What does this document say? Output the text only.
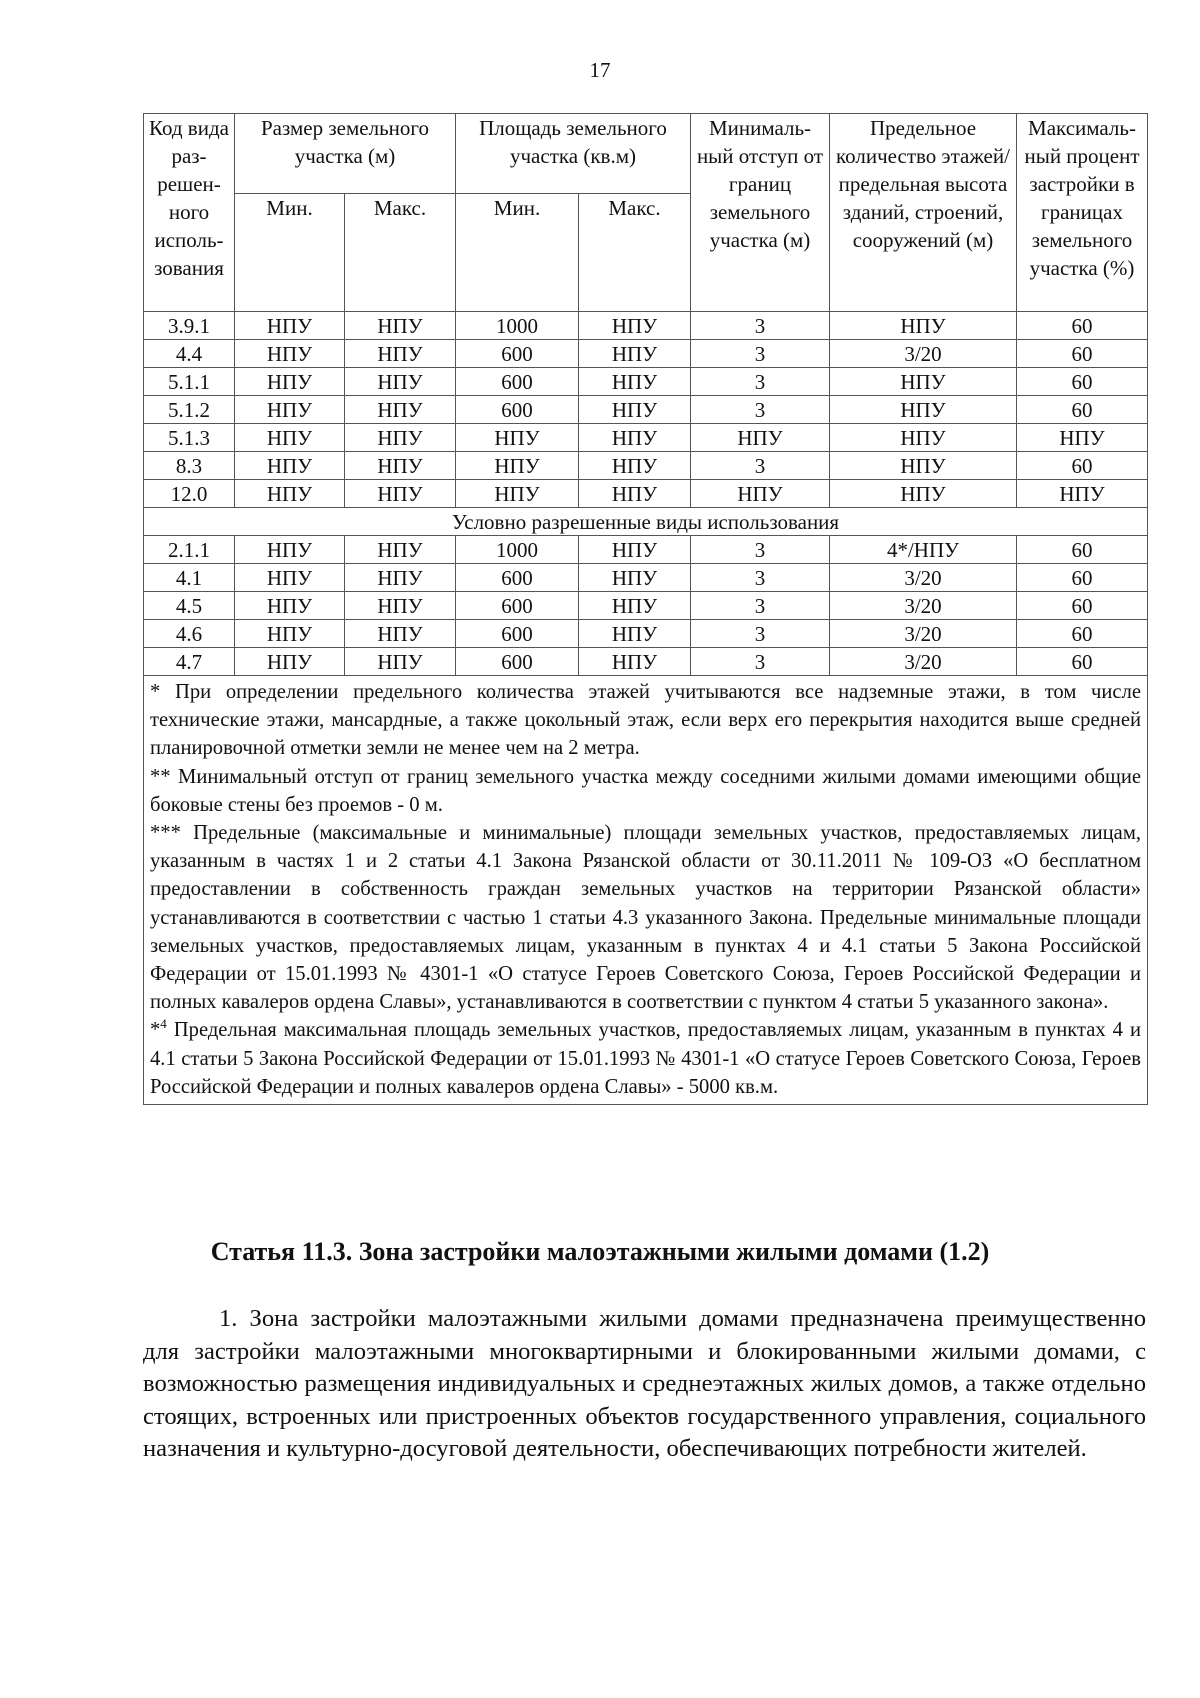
17
Код вида раз-решен-ного исполь-зования	Размер земельного участка (м)		Площадь земельного участка (кв.м)		Минималь-ный отступ от границ земельного участка (м)	Предельное количество этажей/ предельная высота зданий, строений, сооружений (м)	Максималь-ный процент застройки в границах земельного участка (%)
	Мин.	Макс.	Мин.	Макс.			
3.9.1	НПУ	НПУ	1000	НПУ	3	НПУ	60
4.4	НПУ	НПУ	600	НПУ	3	3/20	60
5.1.1	НПУ	НПУ	600	НПУ	3	НПУ	60
5.1.2	НПУ	НПУ	600	НПУ	3	НПУ	60
5.1.3	НПУ	НПУ	НПУ	НПУ	НПУ	НПУ	НПУ
8.3	НПУ	НПУ	НПУ	НПУ	3	НПУ	60
12.0	НПУ	НПУ	НПУ	НПУ	НПУ	НПУ	НПУ
Условно разрешенные виды использования							
2.1.1	НПУ	НПУ	1000	НПУ	3	4*/НПУ	60
4.1	НПУ	НПУ	600	НПУ	3	3/20	60
4.5	НПУ	НПУ	600	НПУ	3	3/20	60
4.6	НПУ	НПУ	600	НПУ	3	3/20	60
4.7	НПУ	НПУ	600	НПУ	3	3/20	60

* При определении предельного количества этажей учитываются все надземные этажи, в том числе технические этажи, мансардные, а также цокольный этаж, если верх его перекрытия находится выше средней планировочной отметки земли не менее чем на 2 метра.

** Минимальный отступ от границ земельного участка между соседними жилыми домами имеющими общие боковые стены без проемов - 0 м.

*** Предельные (максимальные и минимальные) площади земельных участков, предоставляемых лицам, указанным в частях 1 и 2 статьи 4.1 Закона Рязанской области от 30.11.2011 № 109-ОЗ «О бесплатном предоставлении в собственность граждан земельных участков на территории Рязанской области» устанавливаются в соответствии с частью 1 статьи 4.3 указанного Закона. Предельные минимальные площади земельных участков, предоставляемых лицам, указанным в пунктах 4 и 4.1 статьи 5 Закона Российской Федерации от 15.01.1993 № 4301-1 «О статусе Героев Советского Союза, Героев Российской Федерации и полных кавалеров ордена Славы», устанавливаются в соответствии с пунктом 4 статьи 5 указанного закона».

*$^4$ Предельная максимальная площадь земельных участков, предоставляемых лицам, указанным в пунктах 4 и 4.1 статьи 5 Закона Российской Федерации от 15.01.1993 № 4301-1 «О статусе Героев Советского Союза, Героев Российской Федерации и полных кавалеров ордена Славы» - 5000 кв.м.							

Статья 11.3. Зона застройки малоэтажными жилыми домами (1.2)

1. Зона застройки малоэтажными жилыми домами предназначена преимущественно для застройки малоэтажными многоквартирными и блокированными жилыми домами, с возможностью размещения индивидуальных и среднеэтажных жилых домов, а также отдельно стоящих, встроенных или пристроенных объектов государственного управления, социального назначения и культурно-досуговой деятельности, обеспечивающих потребности жителей.
